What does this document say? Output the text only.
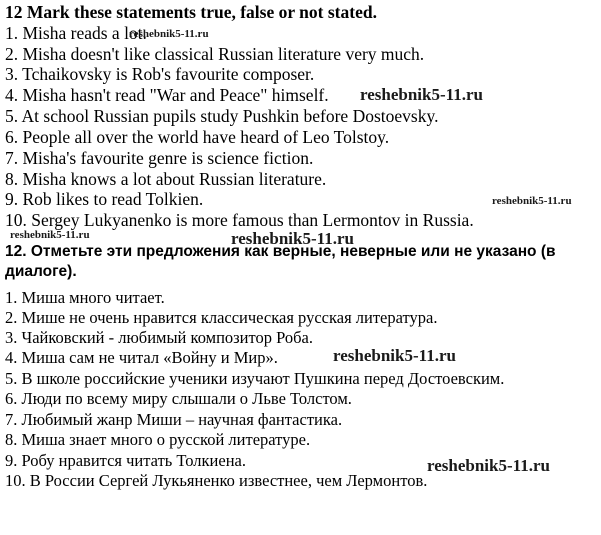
12 Mark these statements true, false or not stated.
1. Misha reads a lot.
2. Misha doesn't like classical Russian literature very much.
3. Tchaikovsky is Rob's favourite composer.
4. Misha hasn't read "War and Peace" himself.
5. At school Russian pupils study Pushkin before Dostoevsky.
6. People all over the world have heard of Leo Tolstoy.
7. Misha's favourite genre is science fiction.
8. Misha knows a lot about Russian literature.
9. Rob likes to read Tolkien.
10. Sergey Lukyanenko is more famous than Lermontov in Russia.
12. Отметьте эти предложения как верные, неверные или не указано (в диалоге).
1. Миша много читает.
2. Мише не очень нравится классическая русская литература.
3. Чайковский - любимый композитор Роба.
4. Миша сам не читал «Войну и Мир».
5. В школе российские ученики изучают Пушкина перед Достоевским.
6. Люди по всему миру слышали о Льве Толстом.
7. Любимый жанр Миши – научная фантастика.
8. Миша знает много о русской литературе.
9. Робу нравится читать Толкиена.
10. В России Сергей Лукьяненко известнее, чем Лермонтов.
reshebnik5-11.ru
reshebnik5-11.ru
reshebnik5-11.ru
reshebnik5-11.ru	reshebnik5-11.ru
reshebnik5-11.ru
reshebnik5-11.ru
